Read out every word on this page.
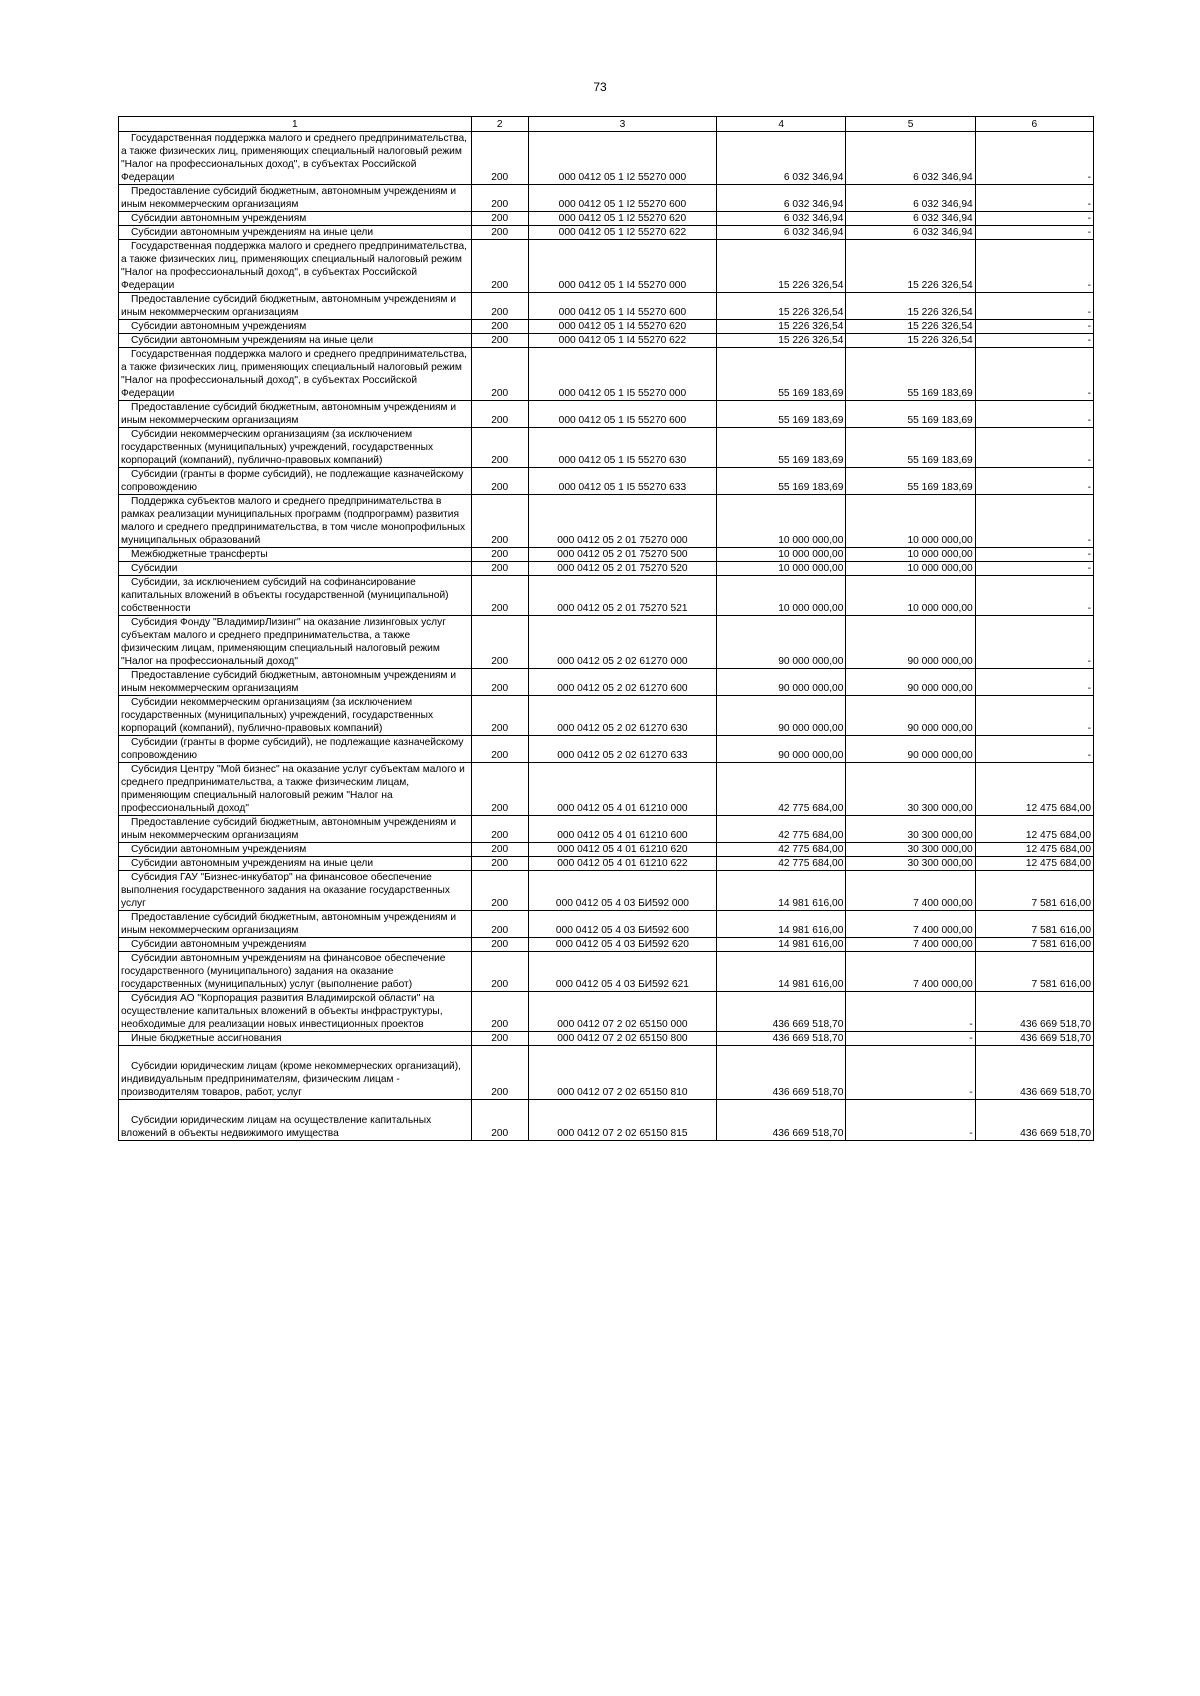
73
1	2	3	4	5	6
Государственная поддержка малого и среднего предпринимательства, а также физических лиц, применяющих специальный налоговый режим "Налог на профессиональных доход", в субъектах Российской Федерации	200	000 0412 05 1 I2 55270 000	6 032 346,94	6 032 346,94	-
Предоставление субсидий бюджетным, автономным учреждениям и иным некоммерческим организациям	200	000 0412 05 1 I2 55270 600	6 032 346,94	6 032 346,94	-
Субсидии автономным учреждениям	200	000 0412 05 1 I2 55270 620	6 032 346,94	6 032 346,94	-
Субсидии автономным учреждениям на иные цели	200	000 0412 05 1 I2 55270 622	6 032 346,94	6 032 346,94	-
Государственная поддержка малого и среднего предпринимательства, а также физических лиц, применяющих специальный налоговый режим "Налог на профессиональный доход", в субъектах Российской Федерации	200	000 0412 05 1 I4 55270 000	15 226 326,54	15 226 326,54	-
Предоставление субсидий бюджетным, автономным учреждениям и иным некоммерческим организациям	200	000 0412 05 1 I4 55270 600	15 226 326,54	15 226 326,54	-
Субсидии автономным учреждениям	200	000 0412 05 1 I4 55270 620	15 226 326,54	15 226 326,54	-
Субсидии автономным учреждениям на иные цели	200	000 0412 05 1 I4 55270 622	15 226 326,54	15 226 326,54	-
Государственная поддержка малого и среднего предпринимательства, а также физических лиц, применяющих специальный налоговый режим "Налог на профессиональный доход", в субъектах Российской Федерации	200	000 0412 05 1 I5 55270 000	55 169 183,69	55 169 183,69	-
Предоставление субсидий бюджетным, автономным учреждениям и иным некоммерческим организациям	200	000 0412 05 1 I5 55270 600	55 169 183,69	55 169 183,69	-
Субсидии некоммерческим организациям (за исключением государственных (муниципальных) учреждений, государственных корпораций (компаний), публично-правовых компаний)	200	000 0412 05 1 I5 55270 630	55 169 183,69	55 169 183,69	-
Субсидии (гранты в форме субсидий), не подлежащие казначейскому сопровождению	200	000 0412 05 1 I5 55270 633	55 169 183,69	55 169 183,69	-
Поддержка субъектов малого и среднего предпринимательства в рамках реализации муниципальных программ (подпрограмм) развития малого и среднего предпринимательства, в том числе монопрофильных муниципальных образований	200	000 0412 05 2 01 75270 000	10 000 000,00	10 000 000,00	-
Межбюджетные трансферты	200	000 0412 05 2 01 75270 500	10 000 000,00	10 000 000,00	-
Субсидии	200	000 0412 05 2 01 75270 520	10 000 000,00	10 000 000,00	-
Субсидии, за исключением субсидий на софинансирование капитальных вложений в объекты государственной (муниципальной) собственности	200	000 0412 05 2 01 75270 521	10 000 000,00	10 000 000,00	-
Субсидия Фонду "ВладимирЛизинг" на оказание лизинговых услуг субъектам малого и среднего предпринимательства, а также физическим лицам, применяющим специальный налоговый режим "Налог на профессиональный доход"	200	000 0412 05 2 02 61270 000	90 000 000,00	90 000 000,00	-
Предоставление субсидий бюджетным, автономным учреждениям и иным некоммерческим организациям	200	000 0412 05 2 02 61270 600	90 000 000,00	90 000 000,00	-
Субсидии некоммерческим организациям (за исключением государственных (муниципальных) учреждений, государственных корпораций (компаний), публично-правовых компаний)	200	000 0412 05 2 02 61270 630	90 000 000,00	90 000 000,00	-
Субсидии (гранты в форме субсидий), не подлежащие казначейскому сопровождению	200	000 0412 05 2 02 61270 633	90 000 000,00	90 000 000,00	-
Субсидия Центру "Мой бизнес" на оказание услуг субъектам малого и среднего предпринимательства, а также физическим лицам, применяющим специальный налоговый режим "Налог на профессиональный доход"	200	000 0412 05 4 01 61210 000	42 775 684,00	30 300 000,00	12 475 684,00
Предоставление субсидий бюджетным, автономным учреждениям и иным некоммерческим организациям	200	000 0412 05 4 01 61210 600	42 775 684,00	30 300 000,00	12 475 684,00
Субсидии автономным учреждениям	200	000 0412 05 4 01 61210 620	42 775 684,00	30 300 000,00	12 475 684,00
Субсидии автономным учреждениям на иные цели	200	000 0412 05 4 01 61210 622	42 775 684,00	30 300 000,00	12 475 684,00
Субсидия ГАУ "Бизнес-инкубатор" на финансовое обеспечение выполнения государственного задания на оказание государственных услуг	200	000 0412 05 4 03 БИ592 000	14 981 616,00	7 400 000,00	7 581 616,00
Предоставление субсидий бюджетным, автономным учреждениям и иным некоммерческим организациям	200	000 0412 05 4 03 БИ592 600	14 981 616,00	7 400 000,00	7 581 616,00
Субсидии автономным учреждениям	200	000 0412 05 4 03 БИ592 620	14 981 616,00	7 400 000,00	7 581 616,00
Субсидии автономным учреждениям на финансовое обеспечение государственного (муниципального) задания на оказание государственных (муниципальных) услуг (выполнение работ)	200	000 0412 05 4 03 БИ592 621	14 981 616,00	7 400 000,00	7 581 616,00
Субсидия АО "Корпорация развития Владимирской области" на осуществление капитальных вложений в объекты инфраструктуры, необходимые для реализации новых инвестиционных проектов	200	000 0412 07 2 02 65150 000	436 669 518,70	-	436 669 518,70
Иные бюджетные ассигнования	200	000 0412 07 2 02 65150 800	436 669 518,70	-	436 669 518,70
Субсидии юридическим лицам (кроме некоммерческих организаций), индивидуальным предпринимателям, физическим лицам - производителям товаров, работ, услуг	200	000 0412 07 2 02 65150 810	436 669 518,70	-	436 669 518,70
Субсидии юридическим лицам на осуществление капитальных вложений в объекты недвижимого имущества	200	000 0412 07 2 02 65150 815	436 669 518,70	-	436 669 518,70
